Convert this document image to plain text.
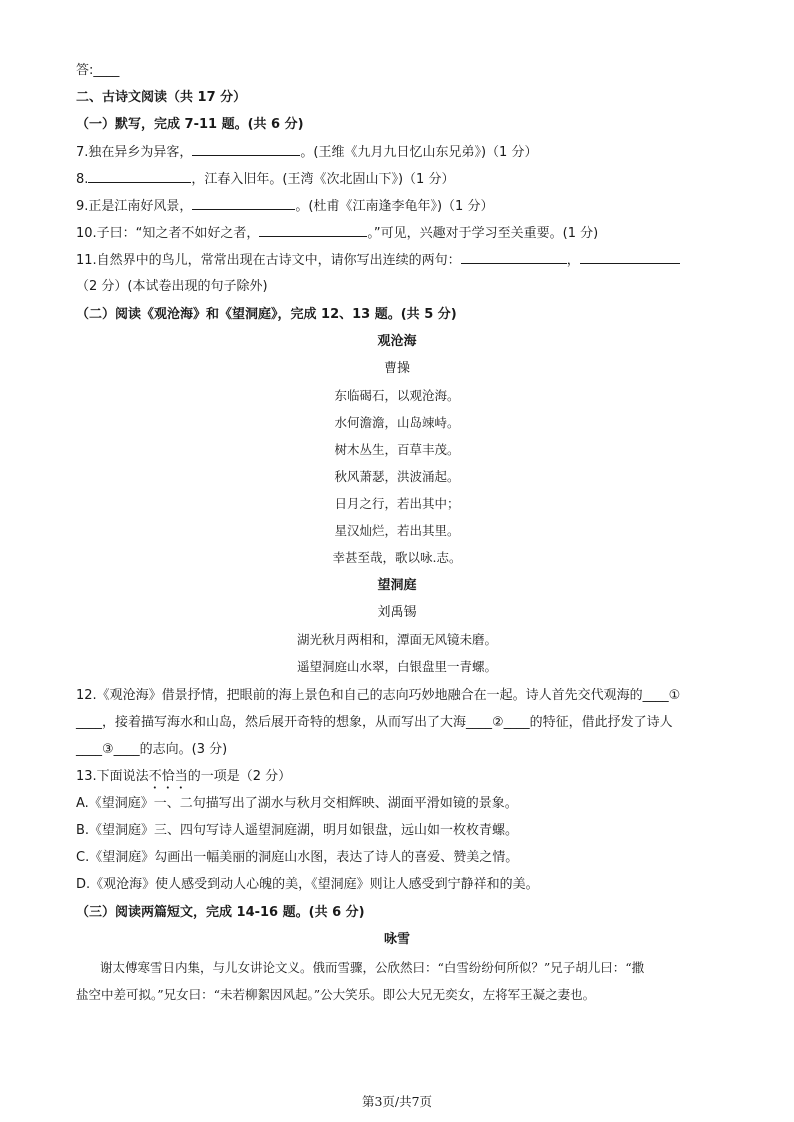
答:____
二、古诗文阅读（共 17 分）
（一）默写，完成 7-11 题。(共 6 分)
7.独在异乡为异客，	。(王维《九月九日忆山东兄弟》)（1 分）
8.	，江春入旧年。(王湾《次北固山下》)（1 分）
9.正是江南好风景，	。(杜甫《江南逢李龟年》)（1 分）
10.子曰：“知之者不如好之者，	。”可见，兴趣对于学习至关重要。(1 分)
11.自然界中的鸟儿，常常出现在古诗文中，请你写出连续的两句：	，
（2 分）(本试卷出现的句子除外)
（二）阅读《观沧海》和《望洞庭》，完成 12、13 题。(共 5 分)
观沧海
曹操
东临碣石，以观沧海。
水何澹澹，山岛竦峙。
树木丛生，百草丰茂。
秋风萧瑟，洪波涌起。
日月之行，若出其中；
星汉灿烂，若出其里。
幸甚至哉，歌以咏.志。
望洞庭
刘禹锡
湖光秋月两相和，潭面无风镜未磨。
遥望洞庭山水翠，白银盘里一青螺。
12.《观沧海》借景抒情，把眼前的海上景色和自己的志向巧妙地融合在一起。诗人首先交代观海的____①
____，接着描写海水和山岛，然后展开奇特的想象，从而写出了大海____②____的特征，借此抒发了诗人
____③____的志向。(3 分)
13.下面说法不恰当的一项是（2 分）
A.《望洞庭》一、二句描写出了湖水与秋月交相辉映、湖面平滑如镜的景象。
B.《望洞庭》三、四句写诗人遥望洞庭湖，明月如银盘，远山如一枚枚青螺。
C.《望洞庭》勾画出一幅美丽的洞庭山水图，表达了诗人的喜爱、赞美之情。
D.《观沧海》使人感受到动人心魄的美，《望洞庭》则让人感受到宁静祥和的美。
（三）阅读两篇短文，完成 14-16 题。(共 6 分)
咏雪
谢太傅寒雪日内集，与儿女讲论文义。俄而雪骤，公欣然曰：“白雪纷纷何所似？”兄子胡儿曰：“撒
盐空中差可拟。”兄女曰：“未若柳絮因风起。”公大笑乐。即公大兄无奕女，左将军王凝之妻也。
第3页/共7页
